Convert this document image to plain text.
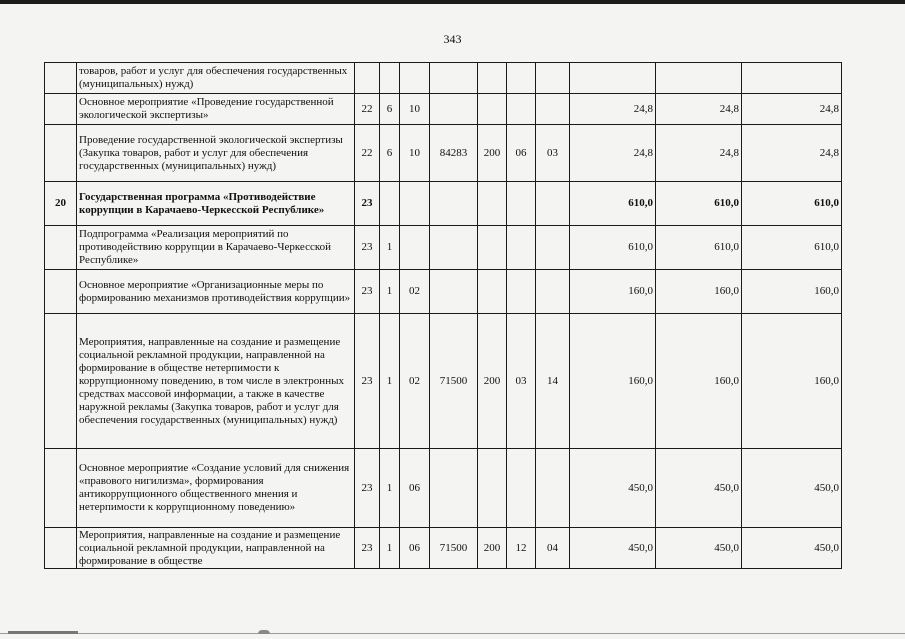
343
	товаров, работ и услуг для обеспечения государственных (муниципальных) нужд)										
	Основное мероприятие «Проведение государственной экологической экспертизы»	22	6	10					24,8	24,8	24,8
	Проведение государственной экологической экспертизы (Закупка товаров, работ и услуг для обеспечения государственных (муниципальных) нужд)	22	6	10	84283	200	06	03	24,8	24,8	24,8
20	Государственная программа «Противодействие коррупции в Карачаево-Черкесской Республике»	23							610,0	610,0	610,0
	Подпрограмма «Реализация мероприятий по противодействию коррупции в Карачаево-Черкесской Республике»	23	1						610,0	610,0	610,0
	Основное мероприятие «Организационные меры по формированию механизмов противодействия коррупции»	23	1	02					160,0	160,0	160,0
	Мероприятия, направленные на создание и размещение социальной рекламной продукции, направленной на формирование в обществе нетерпимости к коррупционному поведению, в том числе в электронных средствах массовой информации, а также в качестве наружной рекламы (Закупка товаров, работ и услуг для обеспечения государственных (муниципальных) нужд)	23	1	02	71500	200	03	14	160,0	160,0	160,0
	Основное мероприятие «Создание условий для снижения «правового нигилизма», формирования антикоррупционного общественного мнения и нетерпимости к коррупционному поведению»	23	1	06					450,0	450,0	450,0
	Мероприятия, направленные на создание и размещение социальной рекламной продукции, направленной на формирование в обществе	23	1	06	71500	200	12	04	450,0	450,0	450,0
